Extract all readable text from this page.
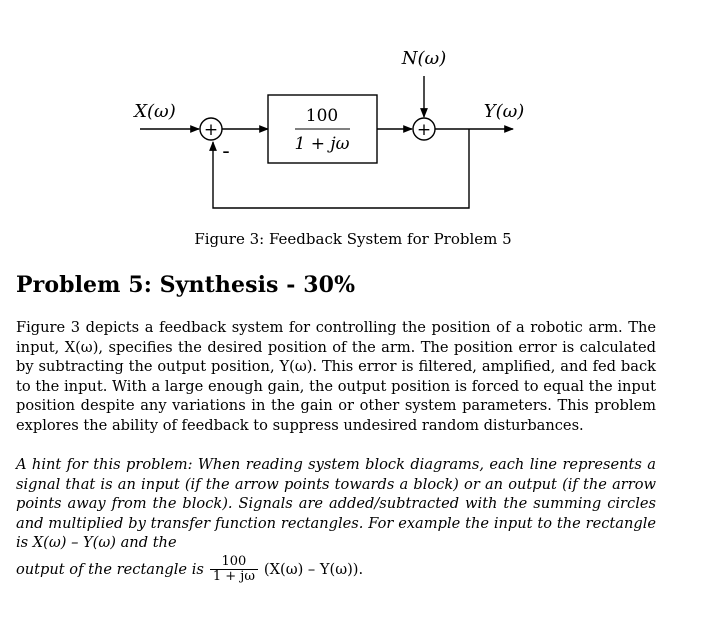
+
–
100
1 + jω
N(ω)
+
X(ω)	Y(ω)
Figure 3: Feedback System for Problem 5
Problem 5: Synthesis - 30%
Figure 3 depicts a feedback system for controlling the position of a robotic arm. The input, X(ω), specifies the desired position of the arm. The position error is calculated by subtracting the output position, Y(ω). This error is filtered, amplified, and fed back to the input. With a large enough gain, the output position is forced to equal the input position despite any variations in the gain or other system parameters. This problem explores the ability of feedback to suppress undesired random disturbances.
A hint for this problem: When reading system block diagrams, each line represents a signal that is an input (if the arrow points towards a block) or an output (if the arrow points away from the block). Signals are added/subtracted with the summing circles and multiplied by transfer function rectangles. For example the input to the rectangle is X(ω) – Y(ω) and the

output of the rectangle is $\frac{100}{1 + j\omega} (X(\omega) - Y(\omega))$.
